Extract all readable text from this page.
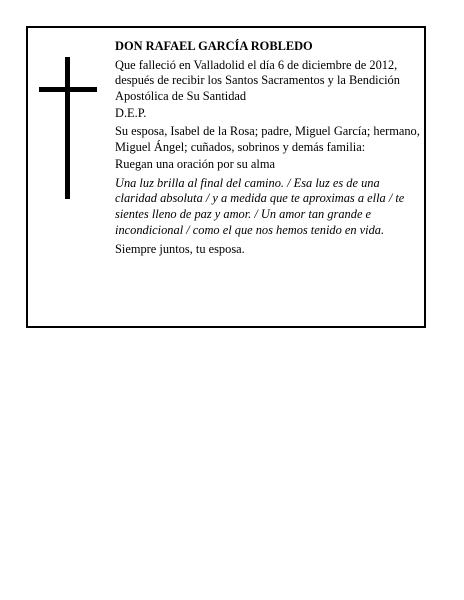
DON RAFAEL GARCÍA ROBLEDO

Que falleció en Valladolid el día 6 de diciembre de 2012, después de recibir los Santos Sacramentos y la Bendición Apostólica de Su Santidad

D.E.P.

Su esposa, Isabel de la Rosa; padre, Miguel García; hermano, Miguel Ángel; cuñados, sobrinos y demás familia:

Ruegan una oración por su alma

Una luz brilla al final del camino. / Esa luz es de una claridad absoluta / y a medida que te aproximas a ella / te sientes lleno de paz y amor. / Un amor tan grande e incondicional / como el que nos hemos tenido en vida.

Siempre juntos, tu esposa.
